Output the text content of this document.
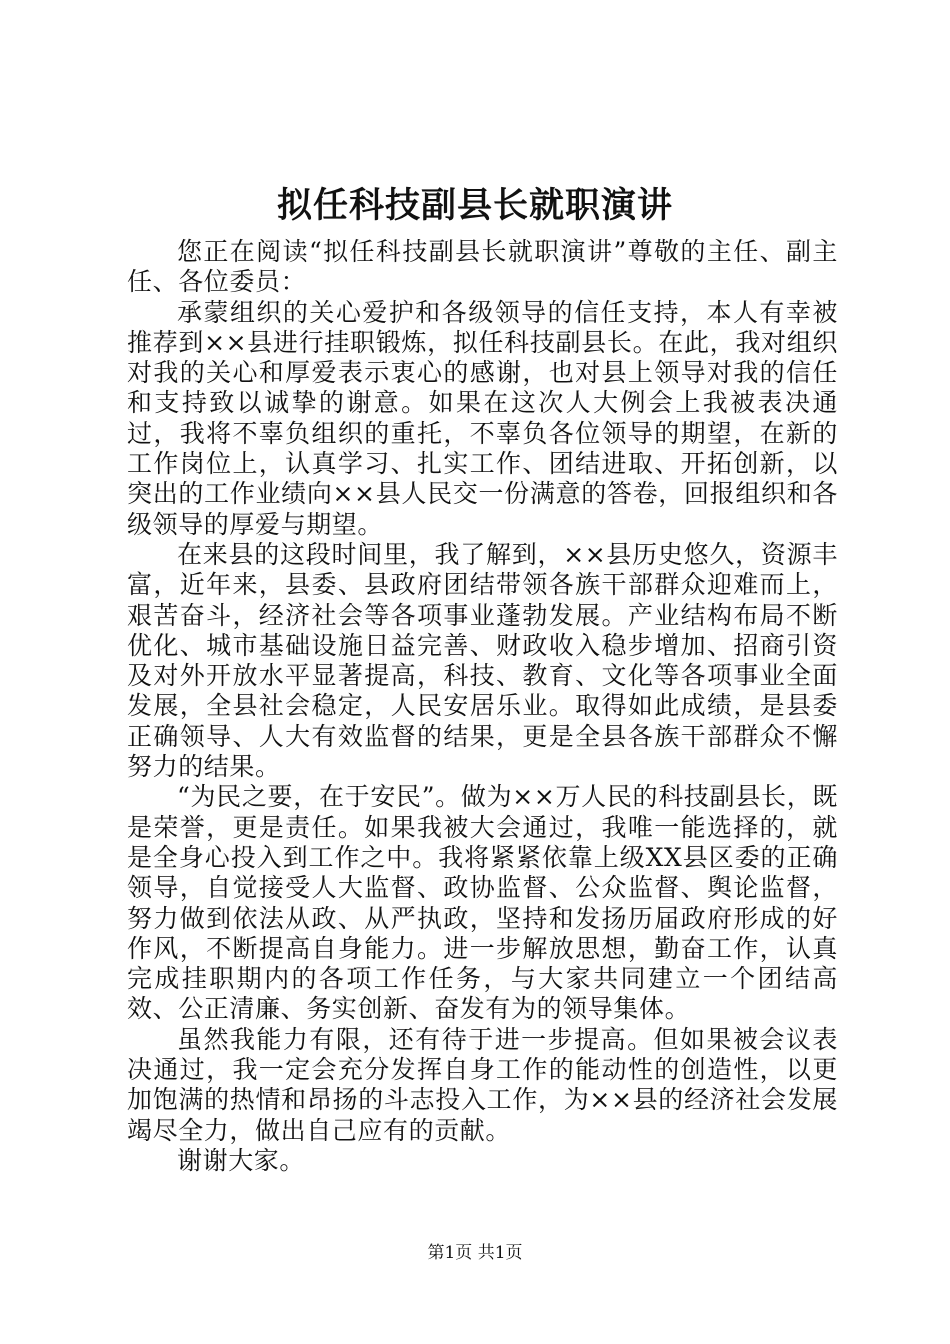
拟任科技副县长就职演讲

您正在阅读“拟任科技副县长就职演讲”尊敬的主任、副主任、各位委员：

承蒙组织的关心爱护和各级领导的信任支持，本人有幸被推荐到××县进行挂职锻炼，拟任科技副县长。在此，我对组织对我的关心和厚爱表示衷心的感谢，也对县上领导对我的信任和支持致以诚挚的谢意。如果在这次人大例会上我被表决通过，我将不辜负组织的重托，不辜负各位领导的期望，在新的工作岗位上，认真学习、扎实工作、团结进取、开拓创新，以突出的工作业绩向××县人民交一份满意的答卷，回报组织和各级领导的厚爱与期望。

在来县的这段时间里，我了解到，××县历史悠久，资源丰富，近年来，县委、县政府团结带领各族干部群众迎难而上，艰苦奋斗，经济社会等各项事业蓬勃发展。产业结构布局不断优化、城市基础设施日益完善、财政收入稳步增加、招商引资及对外开放水平显著提高，科技、教育、文化等各项事业全面发展，全县社会稳定，人民安居乐业。取得如此成绩，是县委正确领导、人大有效监督的结果，更是全县各族干部群众不懈努力的结果。

“为民之要，在于安民”。做为××万人民的科技副县长，既是荣誉，更是责任。如果我被大会通过，我唯一能选择的，就是全身心投入到工作之中。我将紧紧依靠上级XX县区委的正确领导，自觉接受人大监督、政协监督、公众监督、舆论监督，努力做到依法从政、从严执政，坚持和发扬历届政府形成的好作风，不断提高自身能力。进一步解放思想，勤奋工作，认真完成挂职期内的各项工作任务，与大家共同建立一个团结高效、公正清廉、务实创新、奋发有为的领导集体。

虽然我能力有限，还有待于进一步提高。但如果被会议表决通过，我一定会充分发挥自身工作的能动性的创造性，以更加饱满的热情和昂扬的斗志投入工作，为××县的经济社会发展竭尽全力，做出自己应有的贡献。

谢谢大家。

第1页 共1页
